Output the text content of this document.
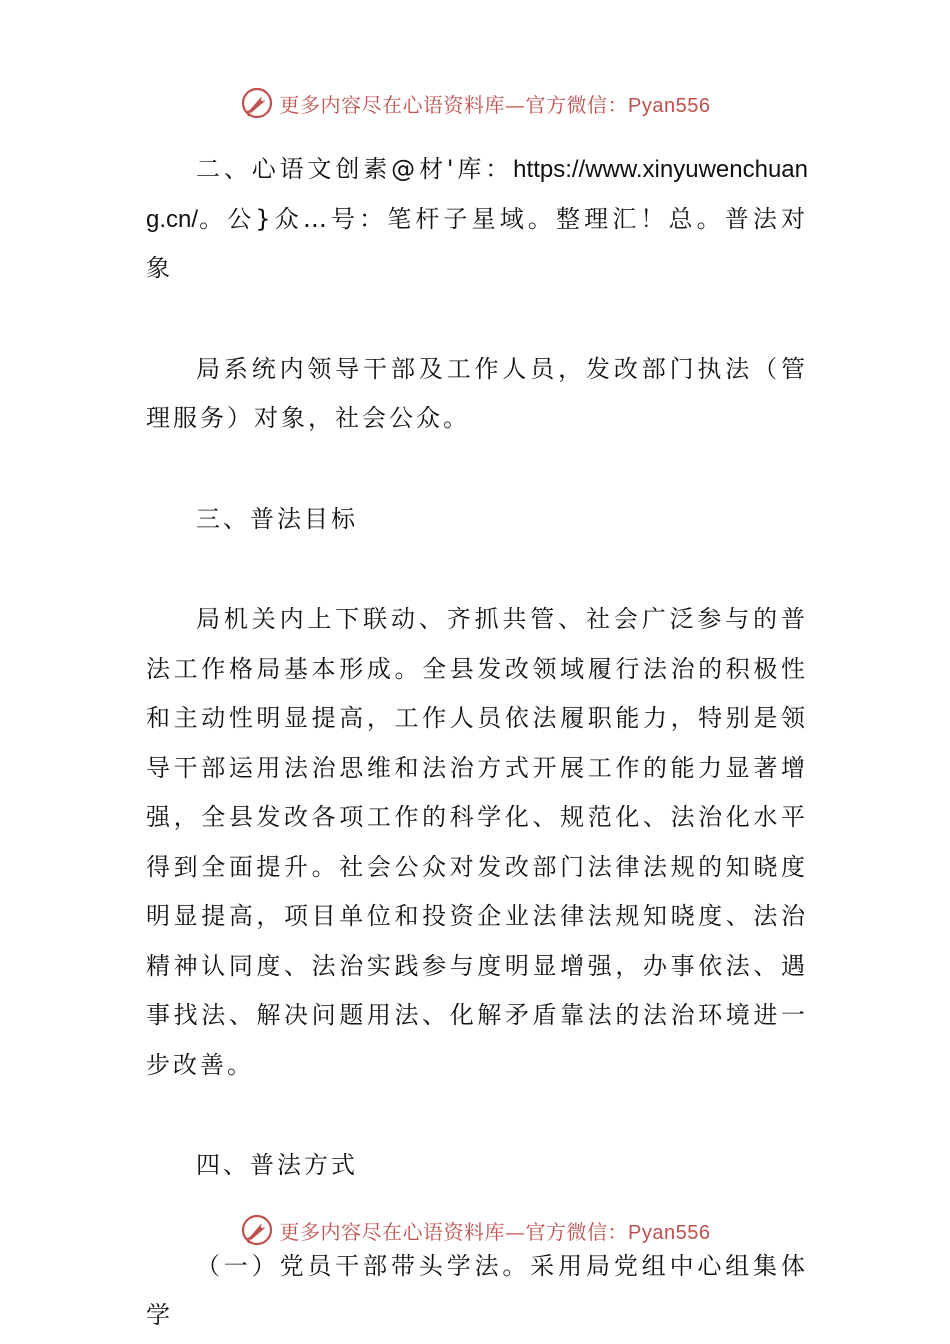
更多内容尽在心语资料库—官方微信：Pyan556

二、心语文创素@材'库：https://www.xinyuwenchuang.cn/。公}众…号：笔杆子星域。整理汇！总。普法对象

局系统内领导干部及工作人员，发改部门执法（管理服务）对象，社会公众。

三、普法目标

局机关内上下联动、齐抓共管、社会广泛参与的普法工作格局基本形成。全县发改领域履行法治的积极性和主动性明显提高，工作人员依法履职能力，特别是领导干部运用法治思维和法治方式开展工作的能力显著增强，全县发改各项工作的科学化、规范化、法治化水平得到全面提升。社会公众对发改部门法律法规的知晓度明显提高，项目单位和投资企业法律法规知晓度、法治精神认同度、法治实践参与度明显增强，办事依法、遇事找法、解决问题用法、化解矛盾靠法的法治环境进一步改善。

四、普法方式

（一）党员干部带头学法。采用局党组中心组集体学

更多内容尽在心语资料库—官方微信：Pyan556
